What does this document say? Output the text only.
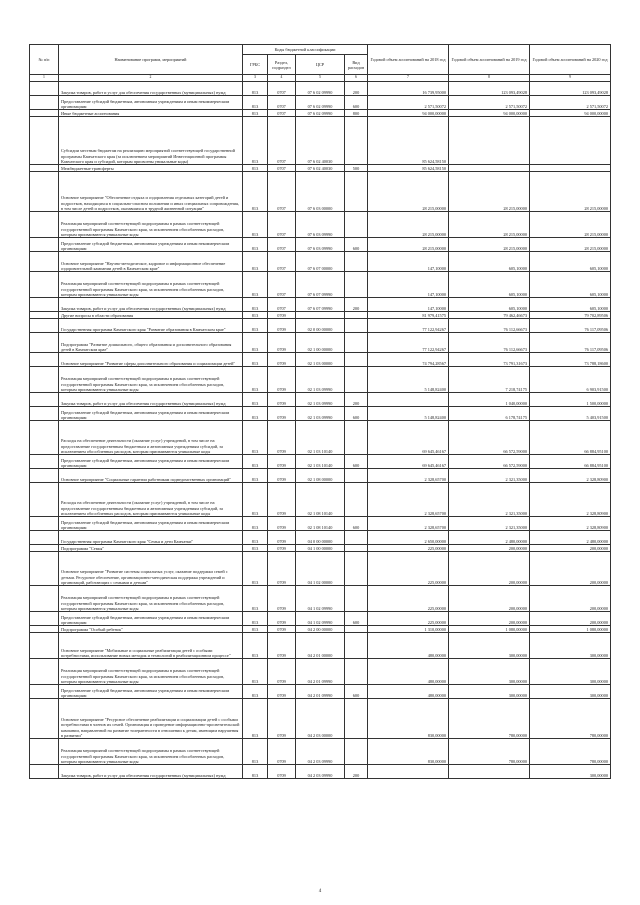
№ п/п	Наименование программ, мероприятий	Коды бюджетной классификации				Годовой объем ассигнований на 2018 год	Годовой объем ассигнований на 2019 год	Годовой объем ассигнований на 2020 год
		ГРБС	Раздел, подраздел	ЦСР	Вид расходов			
1	2	3	4	5	6	7	8	9
	Закупка товаров, работ и услуг для обеспечения государственных (муниципальных) нужд	813	0707	07 6 02 09990	200	16 739,95000	123 093,49028	123 093,49028
	Предоставление субсидий бюджетным, автономным учреждениям и иным некоммерческим организациям	813	0707	07 6 02 09990	600	2 571,50072	2 571,50072	2 571,50072
	Иные бюджетные ассигнования	813	0707	07 6 02 09990	800	94 000,00000	94 000,00000	94 000,00000
	Субсидии местным бюджетам на реализацию мероприятий соответствующей государственной программы Камчатского края (за исключением мероприятий Инвестиционной программы Камчатского края и субсидий, которым присвоены уникальные коды)	813	0707	07 6 02 40030		85 624,58150		
	Межбюджетные трансферты	813	0707	07 6 02 40030	500	85 624,58150		
	Основное мероприятие "Обеспечение отдыха и оздоровления отдельных категорий детей и подростков, находящихся в социально-опасном положении и иных специальных сопровождения, в том числе детей и подростков, оказавшихся в трудной жизненной ситуации"	813	0707	07 6 03 00000		28 215,00000	28 215,00000	28 215,00000
	Реализация мероприятий соответствующей подпрограммы в рамках соответствующей государственной программы Камчатского края, за исключением обособленных расходов, которым присваиваются уникальные коды	813	0707	07 6 03 09990		28 215,00000	28 215,00000	28 215,00000
	Предоставление субсидий бюджетным, автономным учреждениям и иным некоммерческим организациям	813	0707	07 6 03 09990	600	28 215,00000	28 215,00000	28 215,00000
	Основное мероприятие "Научно-методическое, кадровое и информационное обеспечение оздоровительной кампании детей в Камчатском крае"	813	0707	07 6 07 00000		147,10000	605,10000	605,10000
	Реализация мероприятий соответствующей подпрограммы в рамках соответствующей государственной программы Камчатского края, за исключением обособленных расходов, которым присваиваются уникальные коды	813	0707	07 6 07 09990		147,10000	605,10000	605,10000
	Закупка товаров, работ и услуг для обеспечения государственных (муниципальных) нужд	813	0707	07 6 07 09990	200	147,10000	605,10000	605,10000
	Другие вопросы в области образования	813	0709			81 979,41575	79 462,46673	79 702,89506
	Государственная программа Камчатского края "Развитие образования в Камчатском крае"	813	0709	02 0 00 00000		77 122,94267	76 112,66673	76 117,09506
	Подпрограмма "Развитие дошкольного, общего образования и дополнительного образования детей в Камчатском крае"	813	0709	02 1 00 00000		77 122,94267	76 112,66673	76 117,09506
	Основное мероприятие "Развитие сферы дополнительного образования и социализации детей"	813	0709	02 1 03 00000		74 794,28567	73 791,31673	73 788,18600
	Реализация мероприятий соответствующей подпрограммы в рамках соответствующей государственной программы Камчатского края, за исключением обособленных расходов, которым присваиваются уникальные коды	813	0709	02 1 03 09990		5 148,82400	7 218,74175	6 903,91500
	Закупка товаров, работ и услуг для обеспечения государственных (муниципальных) нужд	813	0709	02 1 03 09990	200		1 040,00000	1 500,00000
	Предоставление субсидий бюджетным, автономным учреждениям и иным некоммерческим организациям	813	0709	02 1 03 09990	600	5 148,82400	6 178,74175	5 403,91500
	Расходы на обеспечение деятельности (оказание услуг) учреждений, в том числе на предоставление государственным бюджетным и автономным учреждениям субсидий, за исключением обособленных расходов, которым присваиваются уникальные коды	813	0709	02 1 03 10140		69 645,46167	66 572,59000	66 884,95100
	Предоставление субсидий бюджетным, автономным учреждениям и иным некоммерческим организациям	813	0709	02 1 03 10140	600	69 645,46167	66 572,59000	66 884,95100
	Основное мероприятие "Социальные гарантии работникам подведомственных организаций"	813	0709	02 1 08 00000		2 328,65700	2 321,35000	2 328,80900
	Расходы на обеспечение деятельности (оказание услуг) учреждений, в том числе на предоставление государственным бюджетным и автономным учреждениям субсидий, за исключением обособленных расходов, которым присваиваются уникальные коды	813	0709	02 1 08 10140		2 328,65700	2 321,35000	2 328,80900
	Предоставление субсидий бюджетным, автономным учреждениям и иным некоммерческим организациям	813	0709	02 1 08 10140	600	2 328,65700	2 321,35000	2 328,80900
	Государственная программа Камчатского края "Семья и дети Камчатки"	813	0709	04 0 00 00000		2 650,00000	2 480,00000	2 480,00000
	Подпрограмма "Семья"	813	0709	04 1 00 00000		225,00000	200,00000	200,00000
	Основное мероприятие "Развитие системы социальных услуг, оказание поддержки семей с детьми. Ресурсное обеспечение, организационно-методическая поддержка учреждений и организаций, работающих с семьями и детьми"	813	0709	04 1 02 00000		225,00000	200,00000	200,00000
	Реализация мероприятий соответствующей подпрограммы в рамках соответствующей государственной программы Камчатского края, за исключением обособленных расходов, которым присваиваются уникальные коды	813	0709	04 1 02 09990		225,00000	200,00000	200,00000
	Предоставление субсидий бюджетным, автономным учреждениям и иным некоммерческим организациям	813	0709	04 1 02 09990	600	225,00000	200,00000	200,00000
	Подпрограмма "Особый ребенок"	813	0709	04 2 00 00000		1 310,00000	1 080,00000	1 080,00000
	Основное мероприятие "Мобильные и социальные реабилитация детей с особыми потребностями, использование новых методик и технологий в реабилитационном процессе"	813	0709	04 2 01 00000		480,00000	300,00000	300,00000
	Реализация мероприятий соответствующей подпрограммы в рамках соответствующей государственной программы Камчатского края, за исключением обособленных расходов, которым присваиваются уникальные коды	813	0709	04 2 01 09990		480,00000	300,00000	300,00000
	Предоставление субсидий бюджетным, автономным учреждениям и иным некоммерческим организациям	813	0709	04 2 01 09990	600	480,00000	300,00000	300,00000
	Основное мероприятие "Ресурсное обеспечение реабилитации и социализации детей с особыми потребностями в членов их семей. Организация и проведение информационно-просветительской кампании, направленной на развитие толерантности в отношении к детям, имеющим нарушения в развитии"	813	0709	04 2 03 00000		830,00000	780,00000	780,00000
	Реализация мероприятий соответствующей подпрограммы в рамках соответствующей государственной программы Камчатского края, за исключением обособленных расходов, которым присваиваются уникальные коды	813	0709	04 2 03 09990		830,00000	780,00000	780,00000
	Закупка товаров, работ и услуг для обеспечения государственных (муниципальных) нужд	813	0709	04 2 03 09990	200			300,00000
4
